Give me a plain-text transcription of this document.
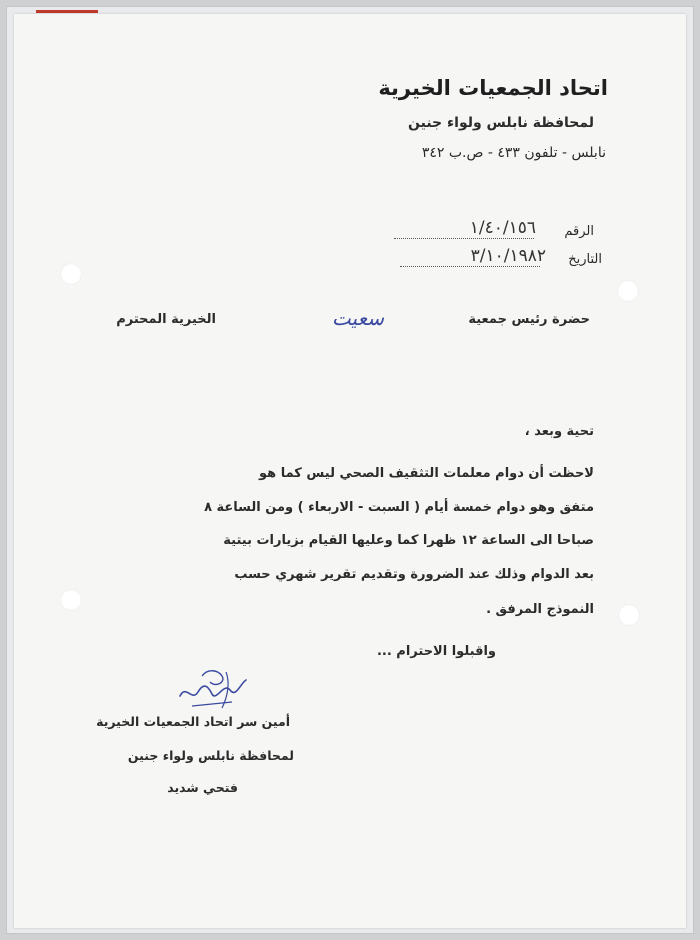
اتحاد الجمعيات الخيرية
لمحافظة نابلس ولواء جنين
نابلس - تلفون ٤٣٣ - ص.ب ٣٤٢
الرقم
١/٤٠/١٥٦
التاريخ
٣/١٠/١٩٨٢
حضرة رئيس جمعية
سعيت
الخيرية المحترم
تحية وبعد ،
لاحظت أن دوام معلمات التثقيف الصحي ليس كما هو
متفق وهو دوام خمسة أيام ( السبت - الاربعاء ) ومن الساعة ٨
صباحا الى الساعة ١٢ ظهرا كما وعليها القيام بزيارات بيتية
بعد الدوام وذلك عند الضرورة وتقديم تقرير شهري حسب
النموذج المرفق .
واقبلوا الاحترام ...
أمين سر اتحاد الجمعيات الخيرية
لمحافظة نابلس ولواء جنين
فتحي شديد
